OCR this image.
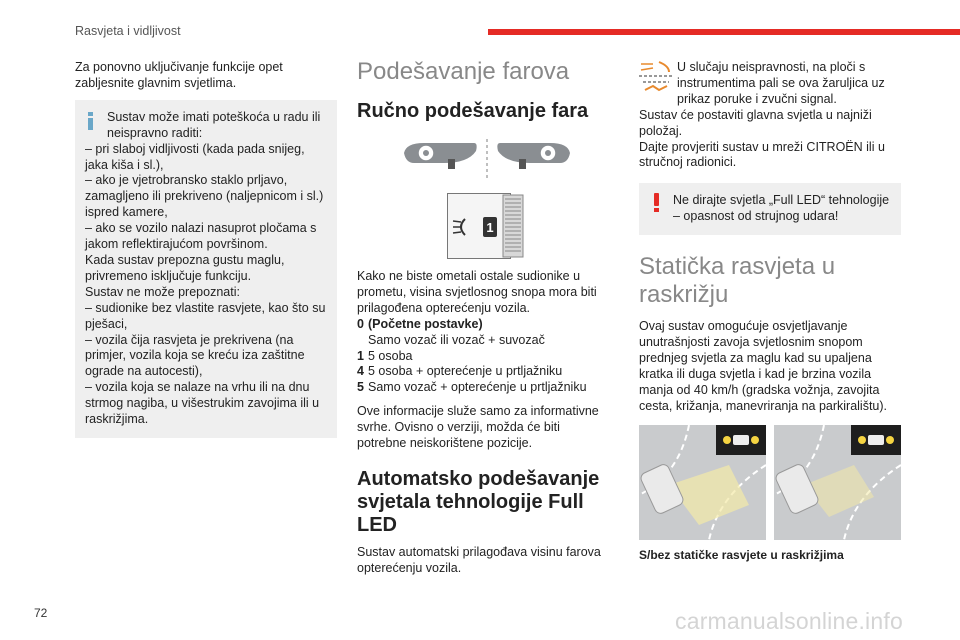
Rasvjeta i vidljivost

Za ponovno uključivanje funkcije opet zabljesnite glavnim svjetlima.

Sustav može imati poteškoća u radu ili neispravno raditi:

– pri slaboj vidljivosti (kada pada snijeg, jaka kiša i sl.),

– ako je vjetrobransko staklo prljavo, zamagljeno ili prekriveno (naljepnicom i sl.) ispred kamere,

– ako se vozilo nalazi nasuprot pločama s jakom reflektirajućom površinom.

Kada sustav prepozna gustu maglu, privremeno isključuje funkciju.

Sustav ne može prepoznati:

– sudionike bez vlastite rasvjete, kao što su pješaci,

– vozila čija rasvjeta je prekrivena (na primjer, vozila koja se kreću iza zaštitne ograde na autocesti),

– vozila koja se nalaze na vrhu ili na dnu strmog nagiba, u višestrukim zavojima ili u raskrižjima.

Podešavanje farova
Ručno podešavanje fara
1

Kako ne biste ometali ostale sudionike u prometu, visina svjetlosnog snopa mora biti prilagođena opterećenju vozila.

0 (Početne postavke)
Samo vozač ili vozač + suvozač
1 5 osoba
4 5 osoba + opterećenje u prtljažniku
5 Samo vozač + opterećenje u prtljažniku

Ove informacije služe samo za informativne svrhe. Ovisno o verziji, možda će biti potrebne neiskorištene pozicije.

Automatsko podešavanje svjetala tehnologije Full LED

Sustav automatski prilagođava visinu farova opterećenju vozila.

U slučaju neispravnosti, na ploči s instrumentima pali se ova žaruljica uz prikaz poruke i zvučni signal.

Sustav će postaviti glavna svjetla u najniži položaj.

Dajte provjeriti sustav u mreži CITROËN ili u stručnoj radionici.

Ne dirajte svjetla „Full LED“ tehnologije – opasnost od strujnog udara!

Statička rasvjeta u raskrižju

Ovaj sustav omogućuje osvjetljavanje unutrašnjosti zavoja svjetlosnim snopom prednjeg svjetla za maglu kad su upaljena kratka ili duga svjetla i kad je brzina vozila manja od 40 km/h (gradska vožnja, zavojita cesta, križanja, manevriranja na parkiralištu).

S/bez statičke rasvjete u raskrižjima

72	carmanualsonline.info
